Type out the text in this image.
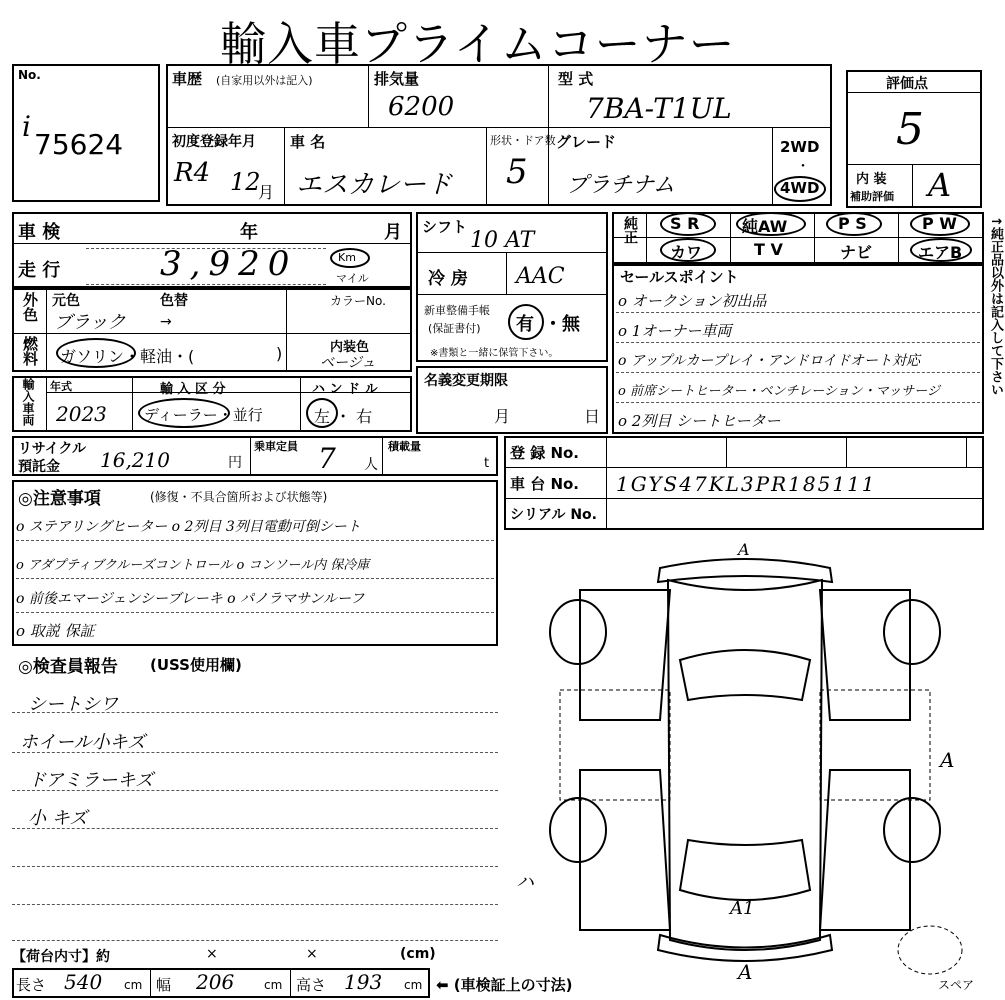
輸入車プライムコーナー
No.
i
75624
車歴 (自家用以外は記入)	排気量
6200
型 式
7BA-T1UL
初度登録年月
R4 12
月
車 名
エスカレード
形状・ドア数
5
グレード
プラチナム
2WD
・
4WD
評価点
5
内 装
補助評価 A
車 検	年	月
走 行	3,920	Km
マイル
シフト
10 AT
冷 房 AAC
新車整備手帳
(保証書付) 有 ・無
※書類と一緒に保管下さい。
純正 S R	純AW	P S	P W
カワ	T V	ナビ	エアB
セールスポイント
o オークション初出品
o 1オーナー車両
o アップルカープレイ・アンドロイドオート対応
o 前席シートヒーター・ベンチレーション・マッサージ
o 2列目 シートヒーター
外色 元色
ブラック
色替
→
カラーNo.
燃料 ガソリン・軽油・(	)	内装色
ベージュ
輸入車両 年式
2023
輸 入 区 分
ディーラー・並行
ハ ン ド ル
左 ・ 右
名義変更期限
月	日
リサイクル
預託金 16,210	円
乗車定員 7 人
積載量
t
登 録 No.
車 台 No. 1GYS47KL3PR185111
シリアル No.
◎注意事項	(修復・不具合箇所および状態等)
o ステアリングヒーター o 2列目 3列目電動可倒シート
o アダプティブクルーズコントロール o コンソール内 保冷庫
o 前後エマージェンシーブレーキ o パノラマサンルーフ
o 取説 保証
◎検査員報告 (USS使用欄)
シートシワ
ホイール小キズ
ドアミラーキズ
小 キズ
【荷台内寸】約	×	×	(cm)
長さ 540 cm 幅 206 cm 高さ 193 cm ⬅ (車検証上の寸法)
↑純正品以外は記入して下さい
A
A
A1
A
ハ
スペア
